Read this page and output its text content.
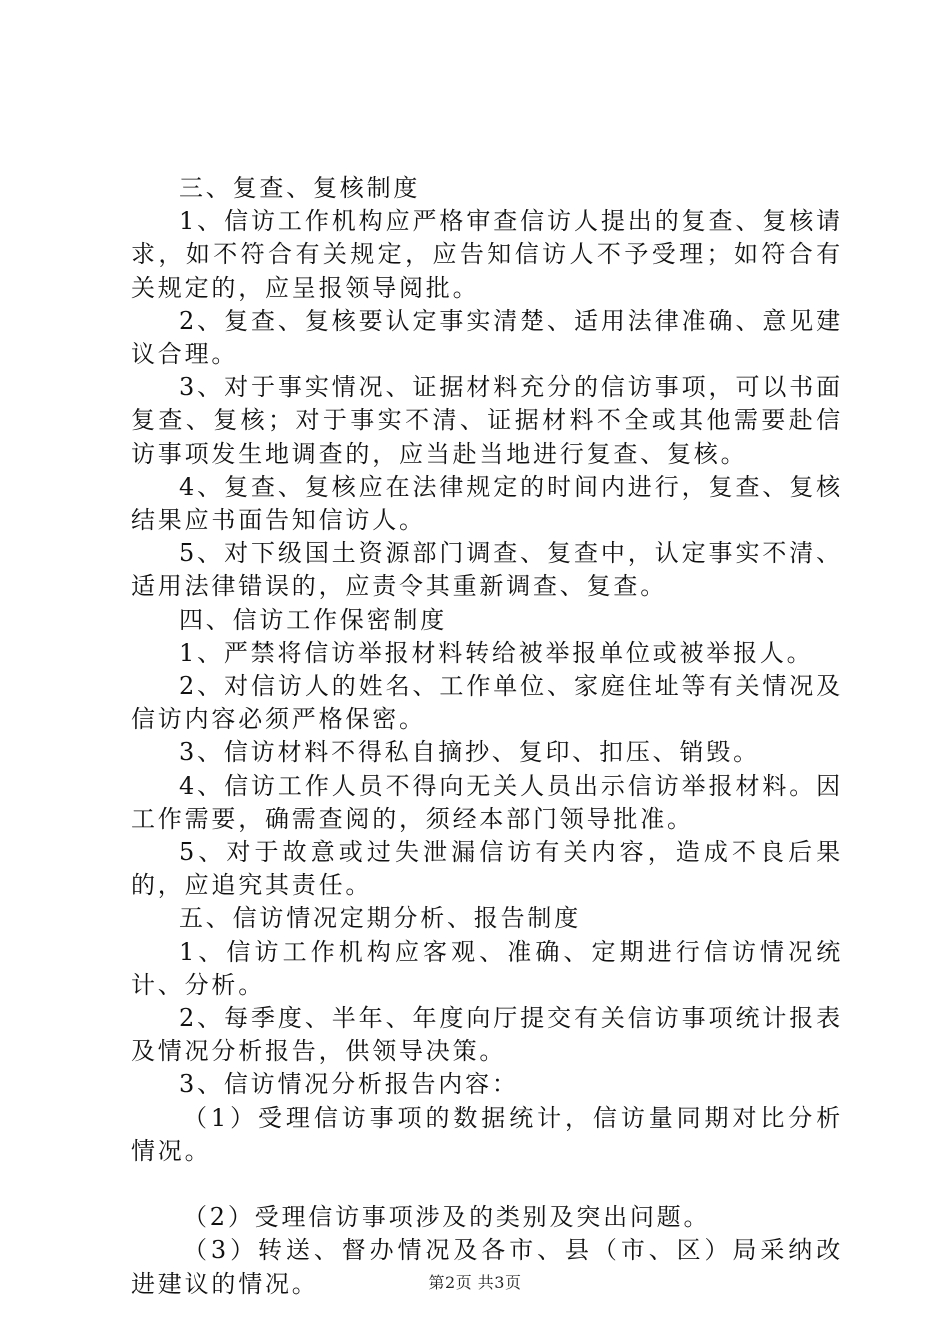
三、复查、复核制度

1、信访工作机构应严格审查信访人提出的复查、复核请求，如不符合有关规定，应告知信访人不予受理；如符合有关规定的，应呈报领导阅批。

2、复查、复核要认定事实清楚、适用法律准确、意见建议合理。

3、对于事实情况、证据材料充分的信访事项，可以书面复查、复核；对于事实不清、证据材料不全或其他需要赴信访事项发生地调查的，应当赴当地进行复查、复核。

4、复查、复核应在法律规定的时间内进行，复查、复核结果应书面告知信访人。

5、对下级国土资源部门调查、复查中，认定事实不清、适用法律错误的，应责令其重新调查、复查。

四、信访工作保密制度

1、严禁将信访举报材料转给被举报单位或被举报人。

2、对信访人的姓名、工作单位、家庭住址等有关情况及信访内容必须严格保密。

3、信访材料不得私自摘抄、复印、扣压、销毁。

4、信访工作人员不得向无关人员出示信访举报材料。因工作需要，确需查阅的，须经本部门领导批准。

5、对于故意或过失泄漏信访有关内容，造成不良后果的，应追究其责任。

五、信访情况定期分析、报告制度

1、信访工作机构应客观、准确、定期进行信访情况统计、分析。

2、每季度、半年、年度向厅提交有关信访事项统计报表及情况分析报告，供领导决策。

3、信访情况分析报告内容：

（1）受理信访事项的数据统计，信访量同期对比分析情况。

（2）受理信访事项涉及的类别及突出问题。

（3）转送、督办情况及各市、县（市、区）局采纳改进建议的情况。	第2页 共3页
